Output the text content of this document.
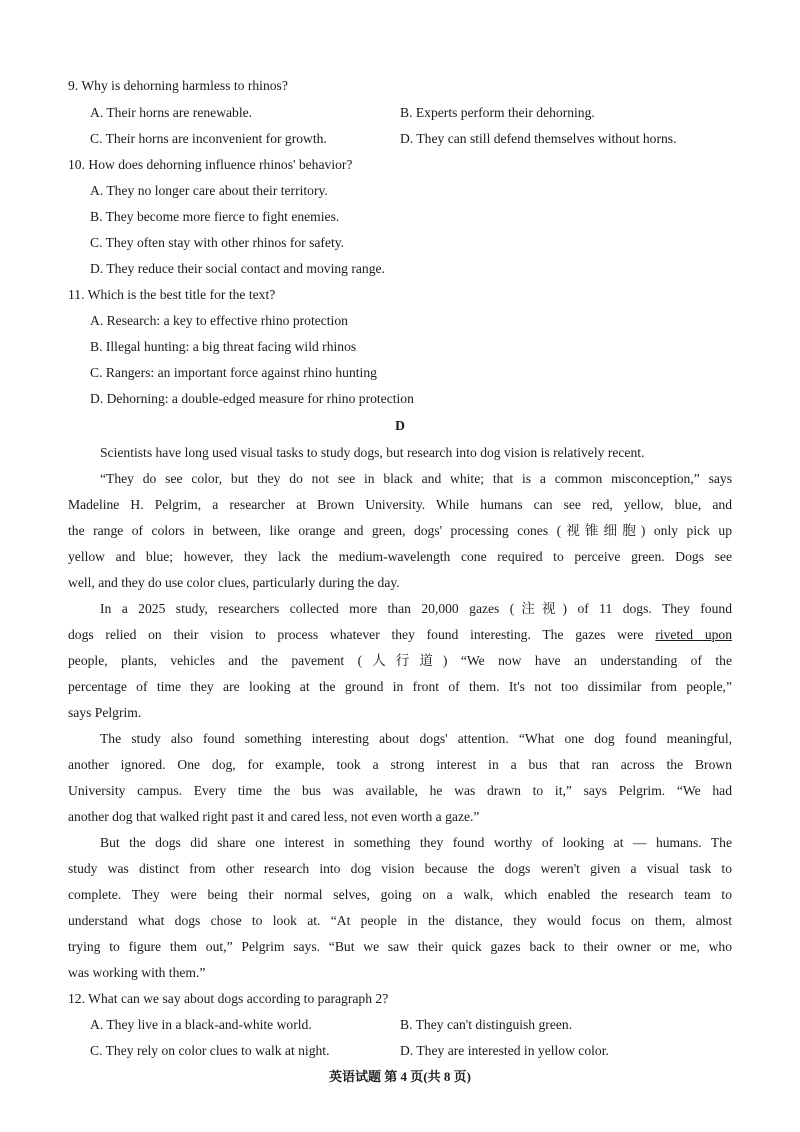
9. Why is dehorning harmless to rhinos?
A. Their horns are renewable.	B. Experts perform their dehorning.
C. Their horns are inconvenient for growth.	D. They can still defend themselves without horns.
10. How does dehorning influence rhinos' behavior?
A. They no longer care about their territory.
B. They become more fierce to fight enemies.
C. They often stay with other rhinos for safety.
D. They reduce their social contact and moving range.
11. Which is the best title for the text?
A. Research: a key to effective rhino protection
B. Illegal hunting: a big threat facing wild rhinos
C. Rangers: an important force against rhino hunting
D. Dehorning: a double-edged measure for rhino protection
D
Scientists have long used visual tasks to study dogs, but research into dog vision is relatively recent.
“They do see color, but they do not see in black and white; that is a common misconception,” says
Madeline H. Pelgrim, a researcher at Brown University. While humans can see red, yellow, blue, and
the range of colors in between, like orange and green, dogs' processing cones (视锥细胞) only pick up
yellow and blue; however, they lack the medium-wavelength cone required to perceive green. Dogs see
well, and they do use color clues, particularly during the day.
In a 2025 study, researchers collected more than 20,000 gazes (注视) of 11 dogs. They found
dogs relied on their vision to process whatever they found interesting. The gazes were riveted upon
people, plants, vehicles and the pavement (人行道) “We now have an understanding of the
percentage of time they are looking at the ground in front of them. It's not too dissimilar from people,”
says Pelgrim.
The study also found something interesting about dogs' attention. “What one dog found meaningful,
another ignored. One dog, for example, took a strong interest in a bus that ran across the Brown
University campus. Every time the bus was available, he was drawn to it,” says Pelgrim. “We had
another dog that walked right past it and cared less, not even worth a gaze.”
But the dogs did share one interest in something they found worthy of looking at — humans. The
study was distinct from other research into dog vision because the dogs weren't given a visual task to
complete. They were being their normal selves, going on a walk, which enabled the research team to
understand what dogs chose to look at. “At people in the distance, they would focus on them, almost
trying to figure them out,” Pelgrim says. “But we saw their quick gazes back to their owner or me, who
was working with them.”
12. What can we say about dogs according to paragraph 2?
A. They live in a black-and-white world.	B. They can't distinguish green.
C. They rely on color clues to walk at night.	D. They are interested in yellow color.
英语试题 第 4 页(共 8 页)
